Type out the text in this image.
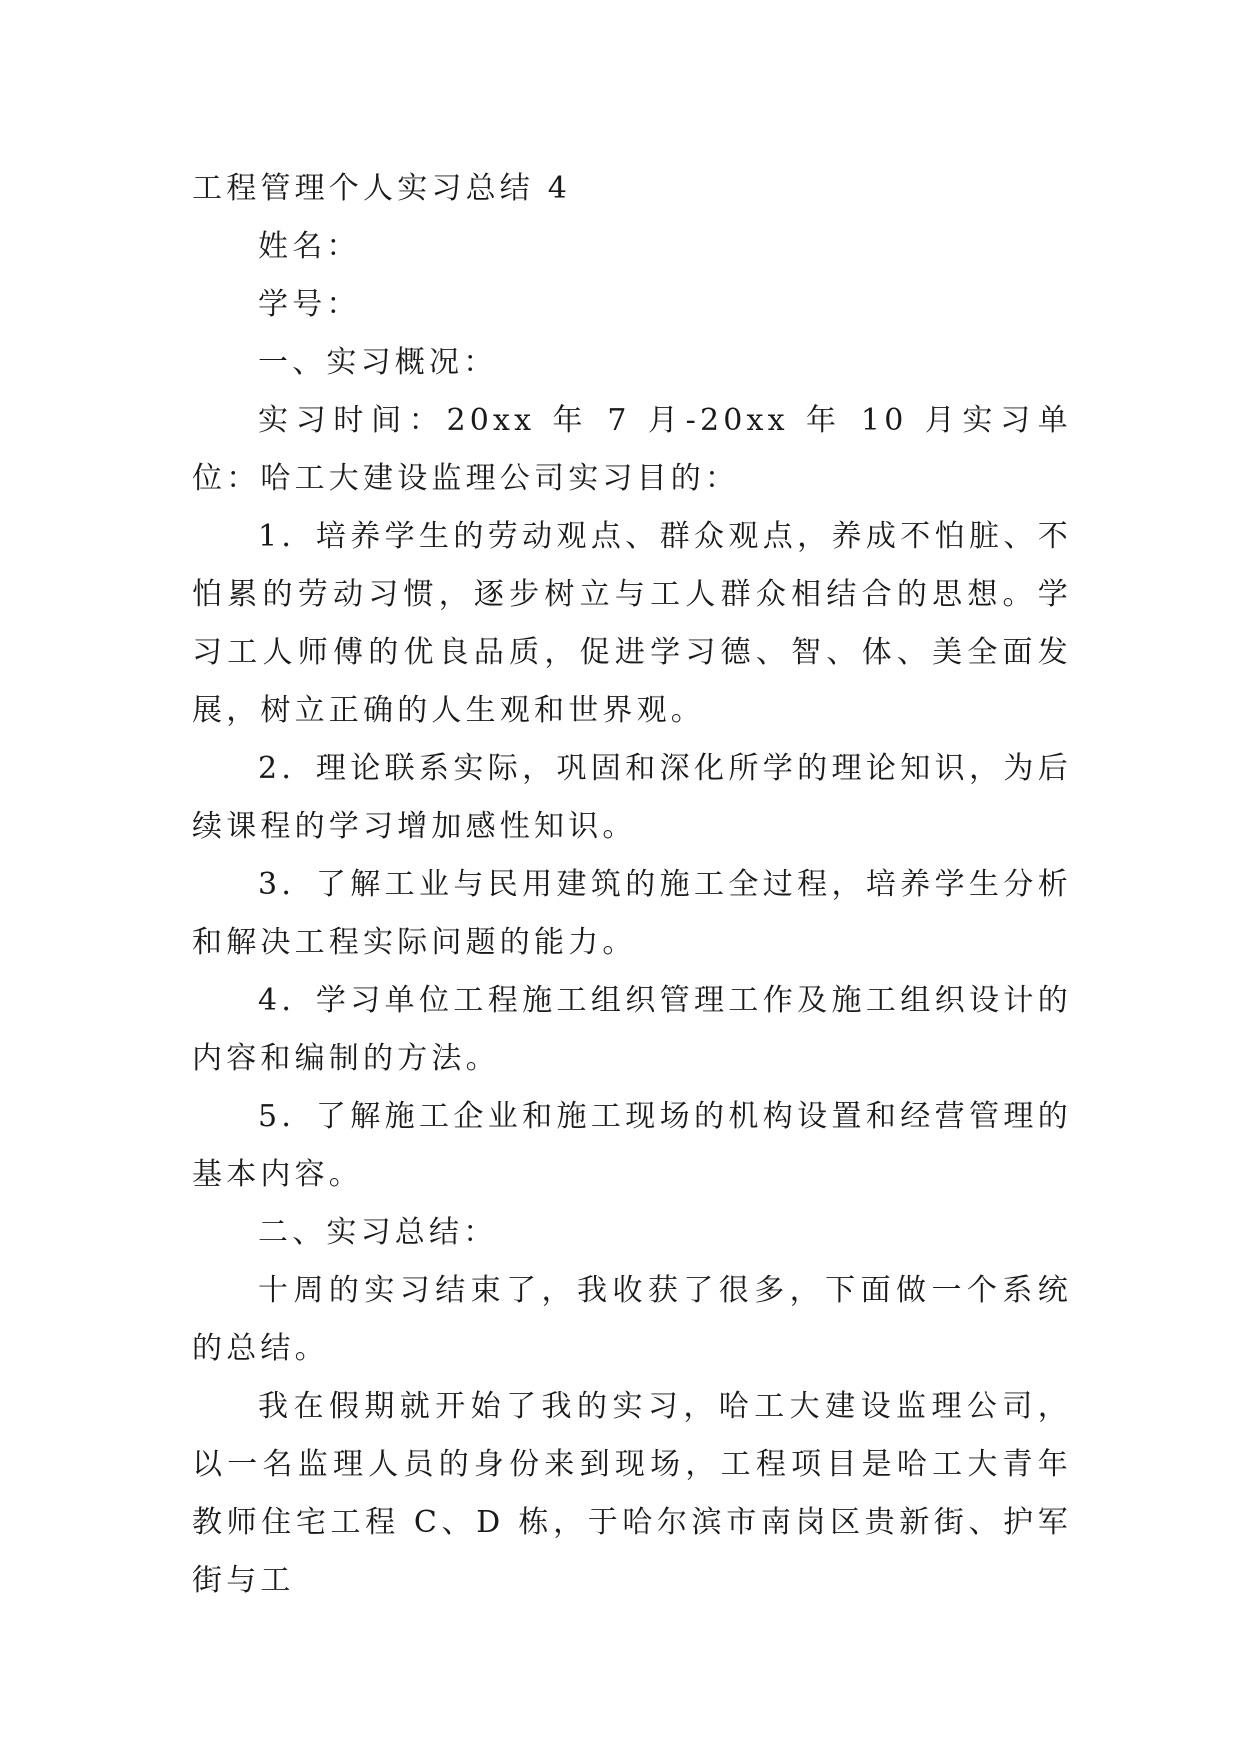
工程管理个人实习总结 4

姓名：

学号：

一、实习概况：

实习时间：20xx 年 7 月-20xx 年 10 月实习单位：哈工大建设监理公司实习目的：

1．培养学生的劳动观点、群众观点，养成不怕脏、不怕累的劳动习惯，逐步树立与工人群众相结合的思想。学习工人师傅的优良品质，促进学习德、智、体、美全面发展，树立正确的人生观和世界观。

2．理论联系实际，巩固和深化所学的理论知识，为后续课程的学习增加感性知识。

3．了解工业与民用建筑的施工全过程，培养学生分析和解决工程实际问题的能力。

4．学习单位工程施工组织管理工作及施工组织设计的内容和编制的方法。

5．了解施工企业和施工现场的机构设置和经营管理的基本内容。

二、实习总结：

十周的实习结束了，我收获了很多，下面做一个系统的总结。

我在假期就开始了我的实习，哈工大建设监理公司，以一名监理人员的身份来到现场，工程项目是哈工大青年教师住宅工程 C、D 栋，于哈尔滨市南岗区贵新街、护军街与工
